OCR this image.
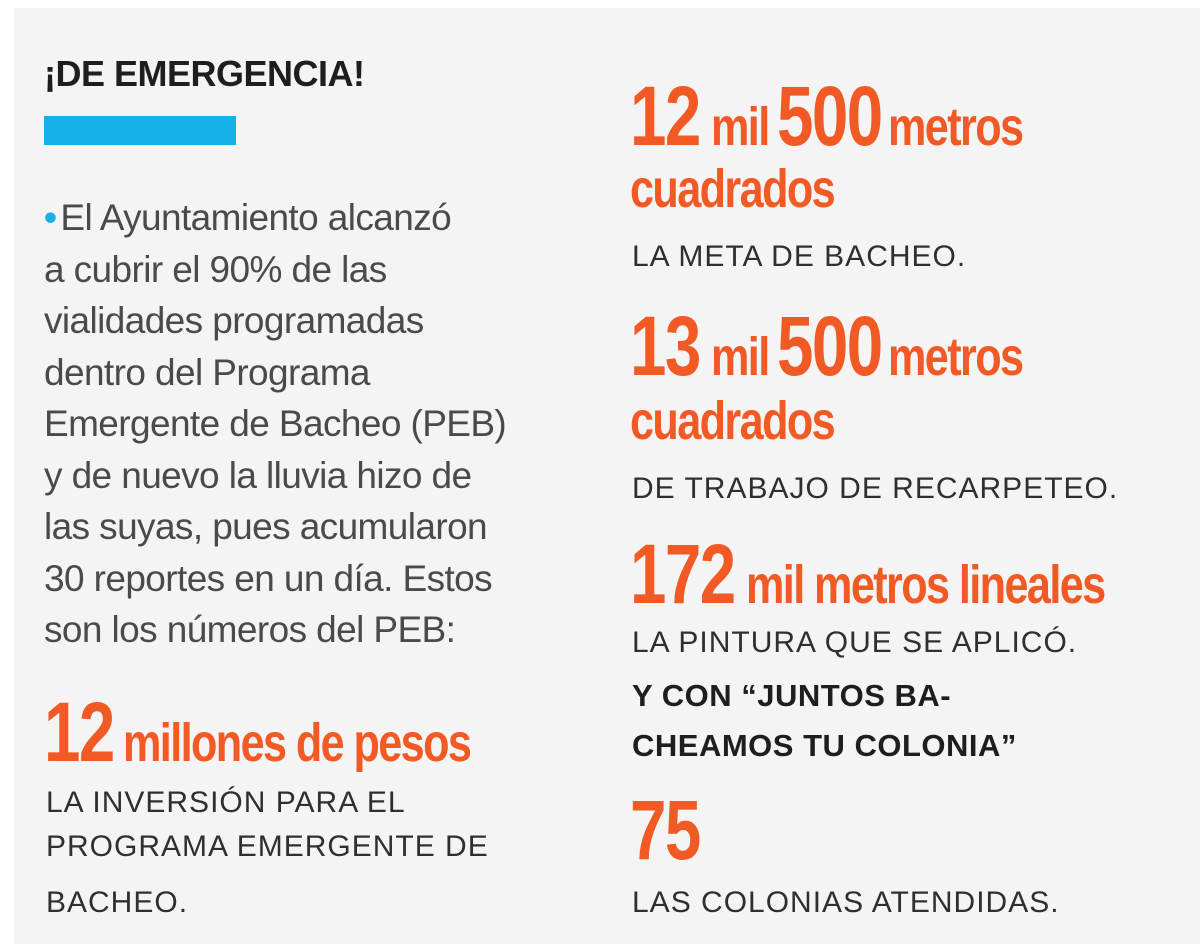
¡DE EMERGENCIA!
• El Ayuntamiento alcanzó
a cubrir el 90% de las
vialidades programadas
dentro del Programa
Emergente de Bacheo (PEB)
y de nuevo la lluvia hizo de
las suyas, pues acumularon
30 reportes en un día. Estos
son los números del PEB:
12 millones de pesos
LA INVERSIÓN PARA EL
PROGRAMA EMERGENTE DE
BACHEO.
12 mil 500 metros
cuadrados
LA META DE BACHEO.
13 mil 500 metros
cuadrados
DE TRABAJO DE RECARPETEO.
172 mil metros lineales
LA PINTURA QUE SE APLICÓ.
Y CON “JUNTOS BA-
CHEAMOS TU COLONIA”
75
LAS COLONIAS ATENDIDAS.
